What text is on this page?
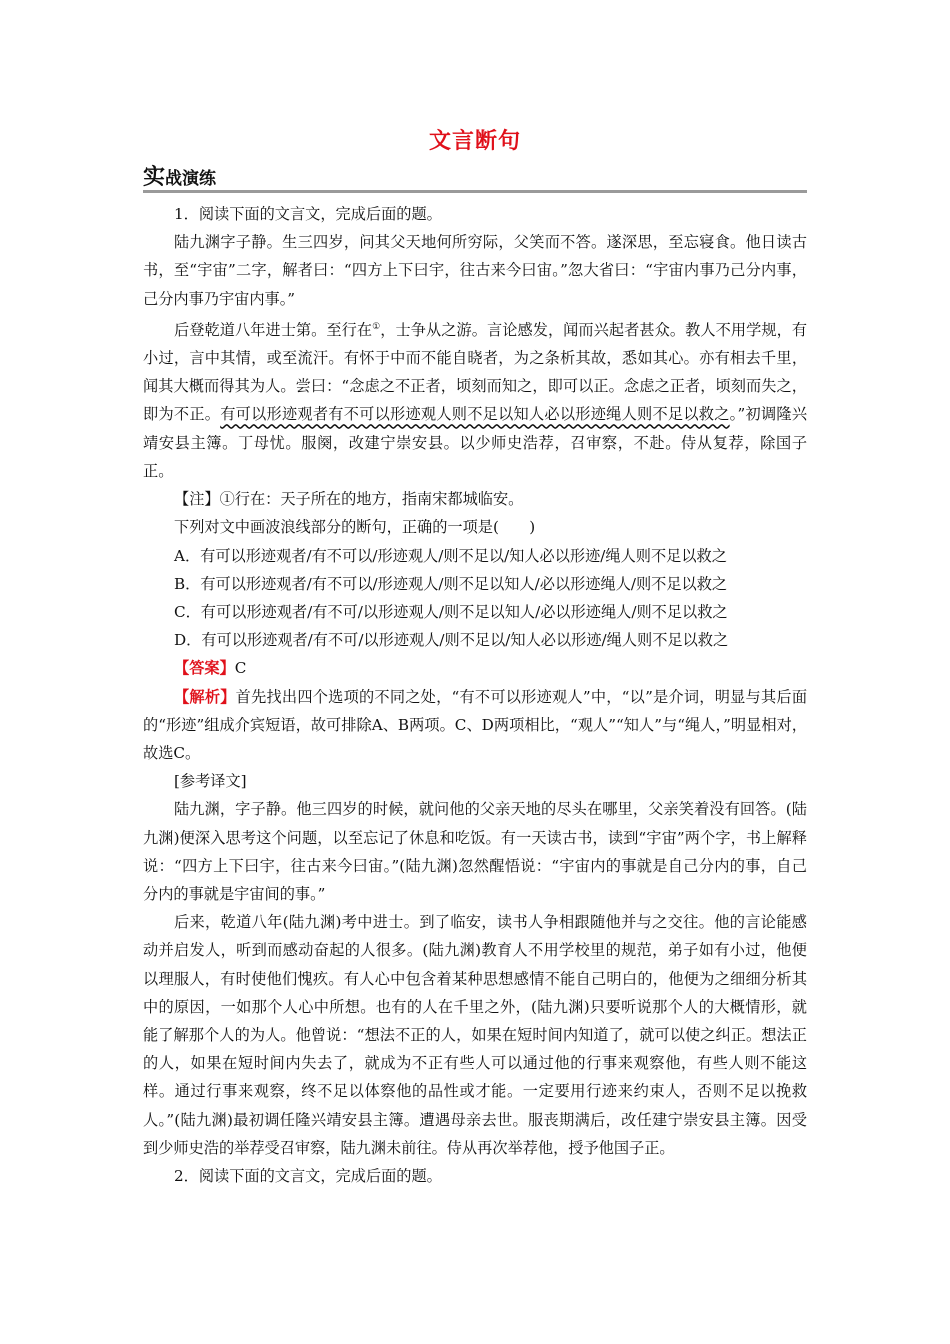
文言断句
实战演练

1．阅读下面的文言文，完成后面的题。

陆九渊字子静。生三四岁，问其父天地何所穷际，父笑而不答。遂深思，至忘寝食。他日读古书，至“宇宙”二字，解者曰：“四方上下曰宇，往古来今曰宙。”忽大省曰：“宇宙内事乃己分内事，己分内事乃宇宙内事。”

后登乾道八年进士第。至行在①，士争从之游。言论感发，闻而兴起者甚众。教人不用学规，有小过，言中其情，或至流汗。有怀于中而不能自晓者，为之条析其故，悉如其心。亦有相去千里，闻其大概而得其为人。尝曰：“念虑之不正者，顷刻而知之，即可以正。念虑之正者，顷刻而失之，即为不正。有可以形迹观者有不可以形迹观人则不足以知人必以形迹绳人则不足以救之。”初调隆兴靖安县主簿。丁母忧。服阕，改建宁崇安县。以少师史浩荐，召审察，不赴。侍从复荐，除国子正。

【注】①行在：天子所在的地方，指南宋都城临安。

下列对文中画波浪线部分的断句，正确的一项是(　　)

A．有可以形迹观者/有不可以/形迹观人/则不足以/知人必以形迹/绳人则不足以救之

B．有可以形迹观者/有不可以/形迹观人/则不足以知人/必以形迹绳人/则不足以救之

C．有可以形迹观者/有不可/以形迹观人/则不足以知人/必以形迹绳人/则不足以救之

D．有可以形迹观者/有不可/以形迹观人/则不足以/知人必以形迹/绳人则不足以救之

【答案】C

【解析】首先找出四个选项的不同之处，“有不可以形迹观人”中，“以”是介词，明显与其后面的“形迹”组成介宾短语，故可排除A、B两项。C、D两项相比，“观人”“知人”与“绳人，”明显相对，故选C。

[参考译文]

陆九渊，字子静。他三四岁的时候，就问他的父亲天地的尽头在哪里，父亲笑着没有回答。(陆九渊)便深入思考这个问题，以至忘记了休息和吃饭。有一天读古书，读到“宇宙”两个字，书上解释说：“四方上下曰宇，往古来今曰宙。”(陆九渊)忽然醒悟说：“宇宙内的事就是自己分内的事，自己分内的事就是宇宙间的事。”

后来，乾道八年(陆九渊)考中进士。到了临安，读书人争相跟随他并与之交往。他的言论能感动并启发人，听到而感动奋起的人很多。(陆九渊)教育人不用学校里的规范，弟子如有小过，他便以理服人，有时使他们愧疚。有人心中包含着某种思想感情不能自己明白的，他便为之细细分析其中的原因，一如那个人心中所想。也有的人在千里之外，(陆九渊)只要听说那个人的大概情形，就能了解那个人的为人。他曾说：“想法不正的人，如果在短时间内知道了，就可以使之纠正。想法正的人，如果在短时间内失去了，就成为不正有些人可以通过他的行事来观察他，有些人则不能这样。通过行事来观察，终不足以体察他的品性或才能。一定要用行迹来约束人，否则不足以挽救人。”(陆九渊)最初调任隆兴靖安县主簿。遭遇母亲去世。服丧期满后，改任建宁崇安县主簿。因受到少师史浩的举荐受召审察，陆九渊未前往。侍从再次举荐他，授予他国子正。

2．阅读下面的文言文，完成后面的题。
